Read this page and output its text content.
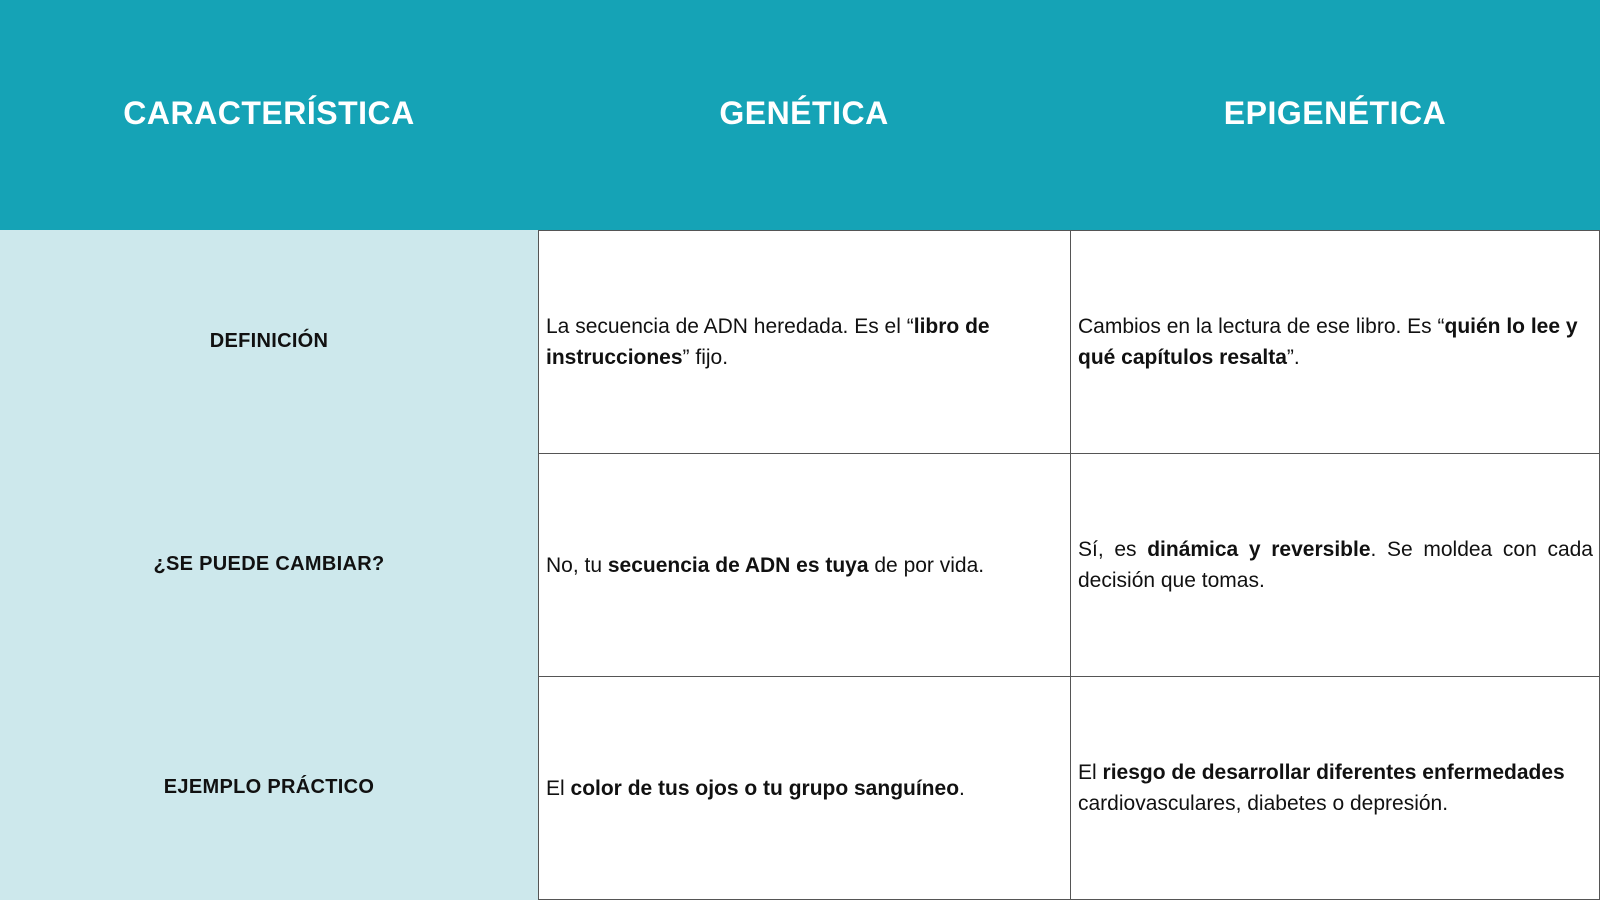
CARACTERÍSTICA	GENÉTICA	EPIGENÉTICA
DEFINICIÓN
¿SE PUEDE CAMBIAR?
EJEMPLO PRÁCTICO

La secuencia de ADN heredada. Es el “libro de instrucciones” fijo.

Cambios en la lectura de ese libro. Es “quién lo lee y qué capítulos resalta”.

No, tu secuencia de ADN es tuya de por vida.

Sí, es dinámica y reversible. Se moldea con cada decisión que tomas.

El color de tus ojos o tu grupo sanguíneo.

El riesgo de desarrollar diferentes enfermedades cardiovasculares, diabetes o depresión.
